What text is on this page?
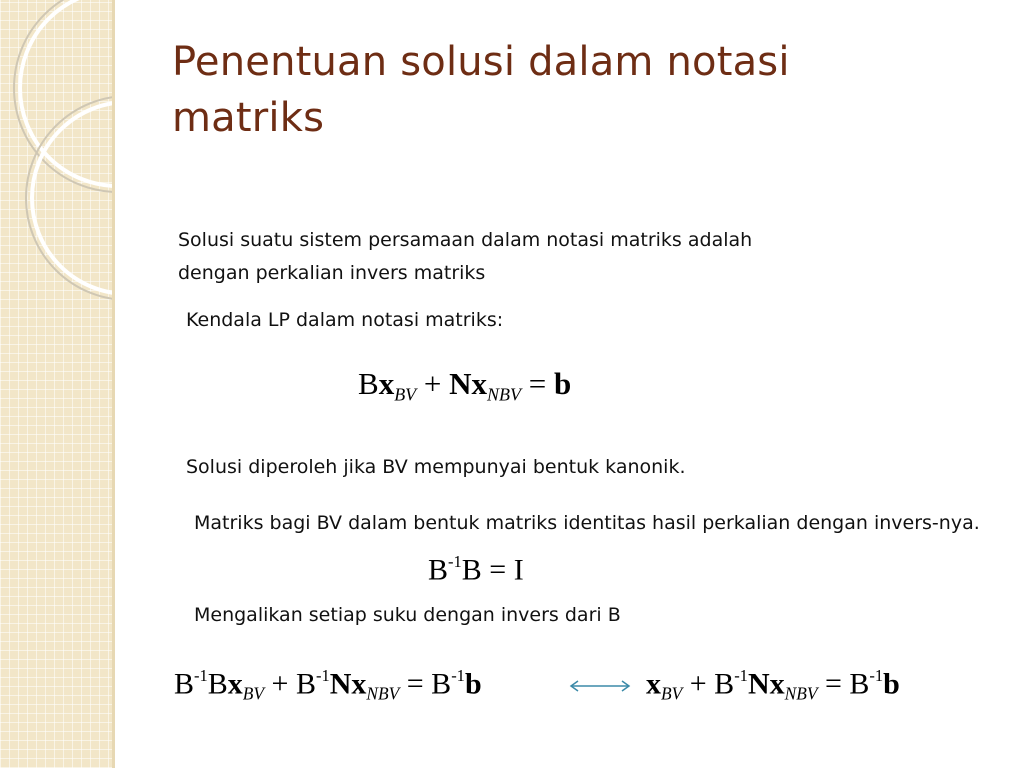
Penentuan solusi dalam notasi matriks

Solusi suatu sistem persamaan dalam notasi matriks adalah dengan perkalian invers matriks

Kendala LP dalam notasi matriks:

$Bx_{BV} + Nx_{NBV} = b$

Solusi diperoleh jika BV mempunyai bentuk kanonik.

Matriks bagi BV dalam bentuk matriks identitas hasil perkalian dengan invers-nya.

$B^{-1}B = I$

Mengalikan setiap suku dengan invers dari B

$B^{-1}Bx_{BV} + B^{-1}Nx_{NBV} = B^{-1}b$	$x_{BV} + B^{-1}Nx_{NBV} = B^{-1}b$
